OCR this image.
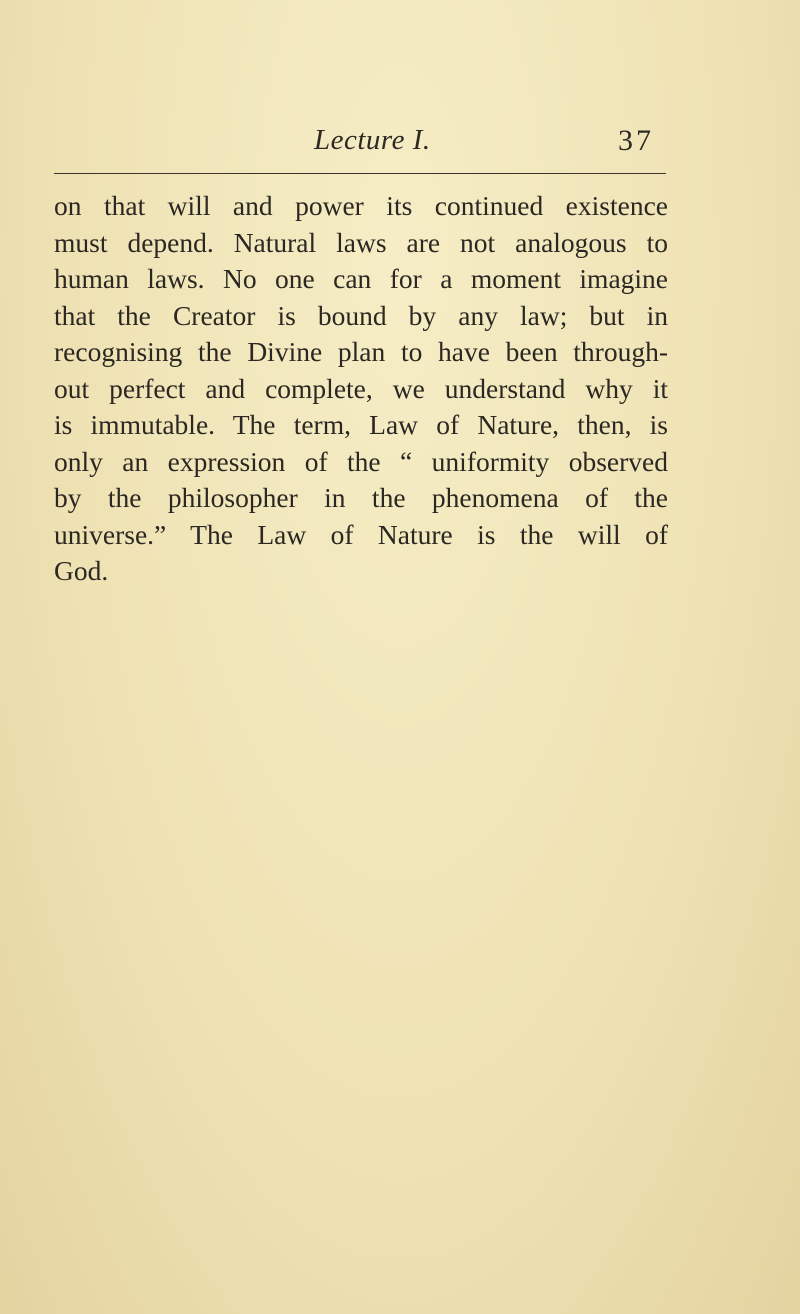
Lecture I.	37
on that will and power its continued existence
must depend. Natural laws are not analogous to
human laws. No one can for a moment imagine
that the Creator is bound by any law; but in
recognising the Divine plan to have been through-
out perfect and complete, we understand why it
is immutable. The term, Law of Nature, then, is
only an expression of the “ uniformity observed
by the philosopher in the phenomena of the
universe.” The Law of Nature is the will of
God.
